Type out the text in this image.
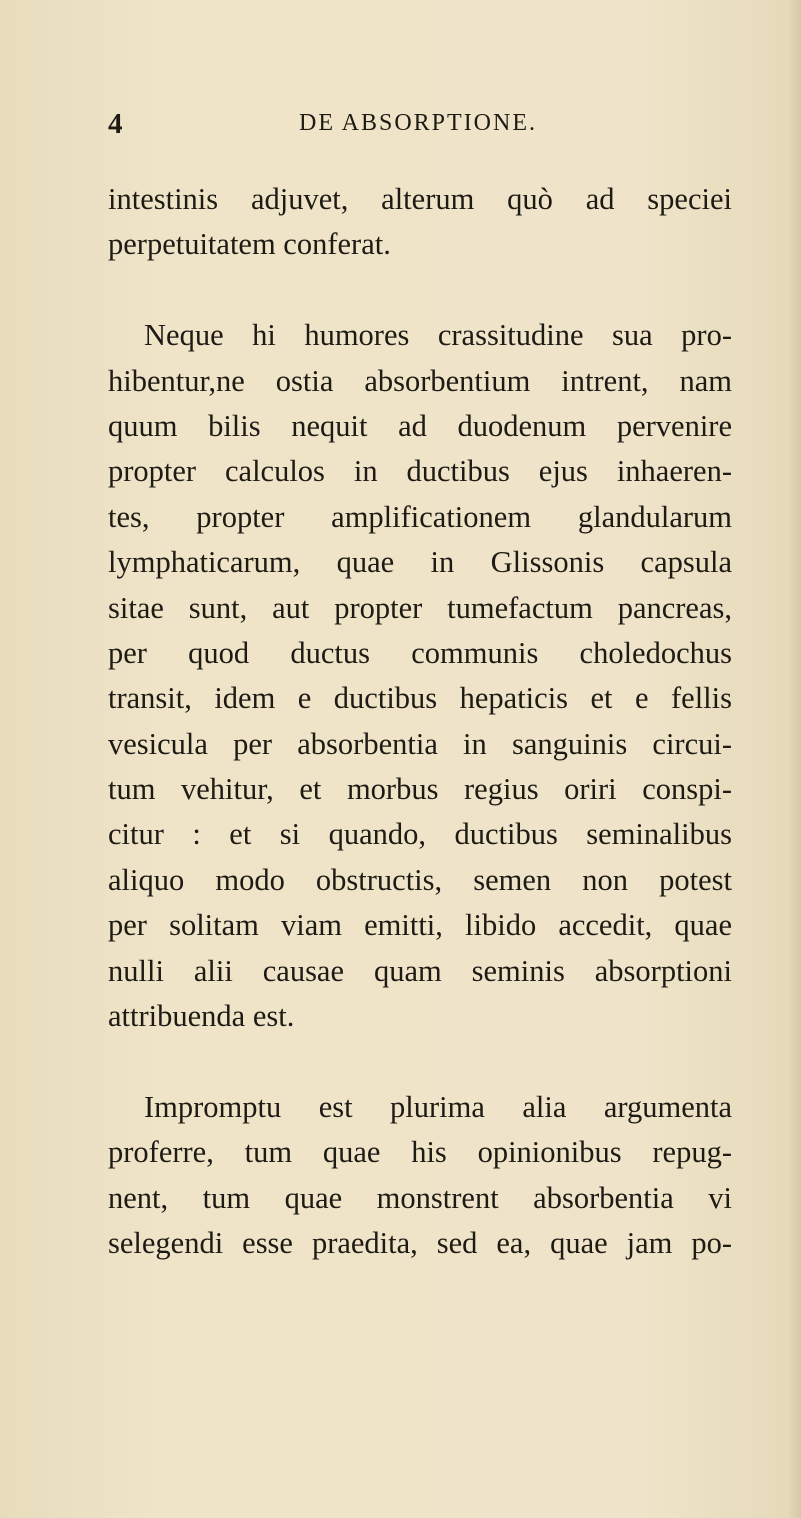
4	DE ABSORPTIONE.
intestinis adjuvet, alterum quò ad speciei
perpetuitatem conferat.
Neque hi humores crassitudine sua pro-
hibentur,ne ostia absorbentium intrent, nam
quum bilis nequit ad duodenum pervenire
propter calculos in ductibus ejus inhaeren-
tes, propter amplificationem glandularum
lymphaticarum, quae in Glissonis capsula
sitae sunt, aut propter tumefactum pancreas,
per quod ductus communis choledochus
transit, idem e ductibus hepaticis et e fellis
vesicula per absorbentia in sanguinis circui-
tum vehitur, et morbus regius oriri conspi-
citur : et si quando, ductibus seminalibus
aliquo modo obstructis, semen non potest
per solitam viam emitti, libido accedit, quae
nulli alii causae quam seminis absorptioni
attribuenda est.
Impromptu est plurima alia argumenta
proferre, tum quae his opinionibus repug-
nent, tum quae monstrent absorbentia vi
selegendi esse praedita, sed ea, quae jam po-
